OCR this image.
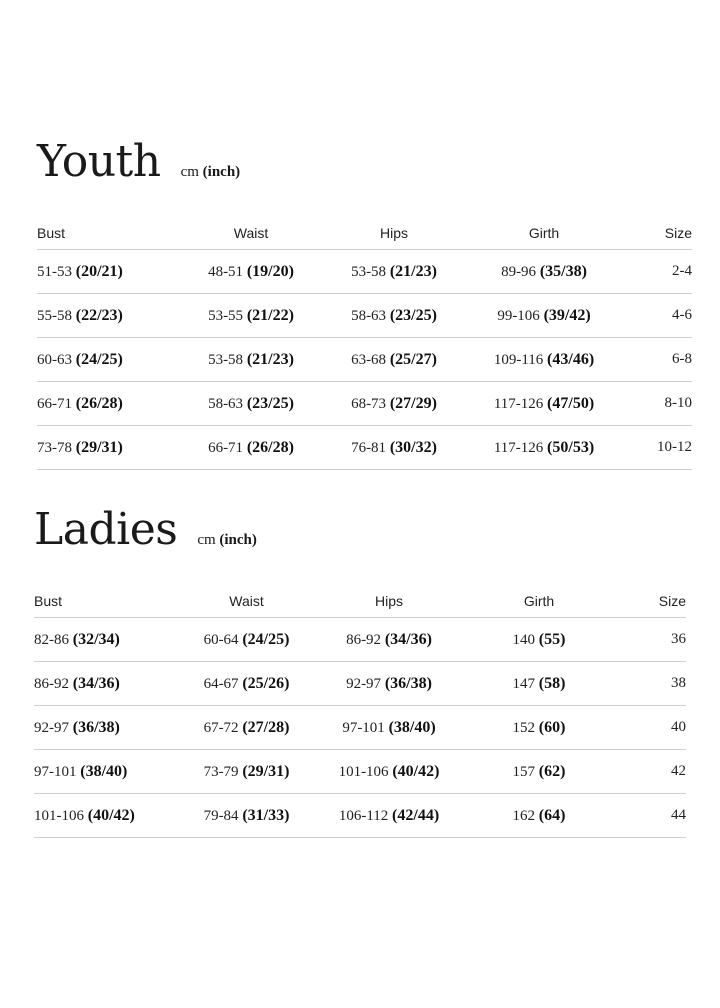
Youth cm (inch)
Bust	Waist	Hips	Girth	Size
51-53 (20/21)	48-51 (19/20)	53-58 (21/23)	89-96 (35/38)	2-4
55-58 (22/23)	53-55 (21/22)	58-63 (23/25)	99-106 (39/42)	4-6
60-63 (24/25)	53-58 (21/23)	63-68 (25/27)	109-116 (43/46)	6-8
66-71 (26/28)	58-63 (23/25)	68-73 (27/29)	117-126 (47/50)	8-10
73-78 (29/31)	66-71 (26/28)	76-81 (30/32)	117-126 (50/53)	10-12
Ladies cm (inch)
Bust	Waist	Hips	Girth	Size
82-86 (32/34)	60-64 (24/25)	86-92 (34/36)	140 (55)	36
86-92 (34/36)	64-67 (25/26)	92-97 (36/38)	147 (58)	38
92-97 (36/38)	67-72 (27/28)	97-101 (38/40)	152 (60)	40
97-101 (38/40)	73-79 (29/31)	101-106 (40/42)	157 (62)	42
101-106 (40/42)	79-84 (31/33)	106-112 (42/44)	162 (64)	44
